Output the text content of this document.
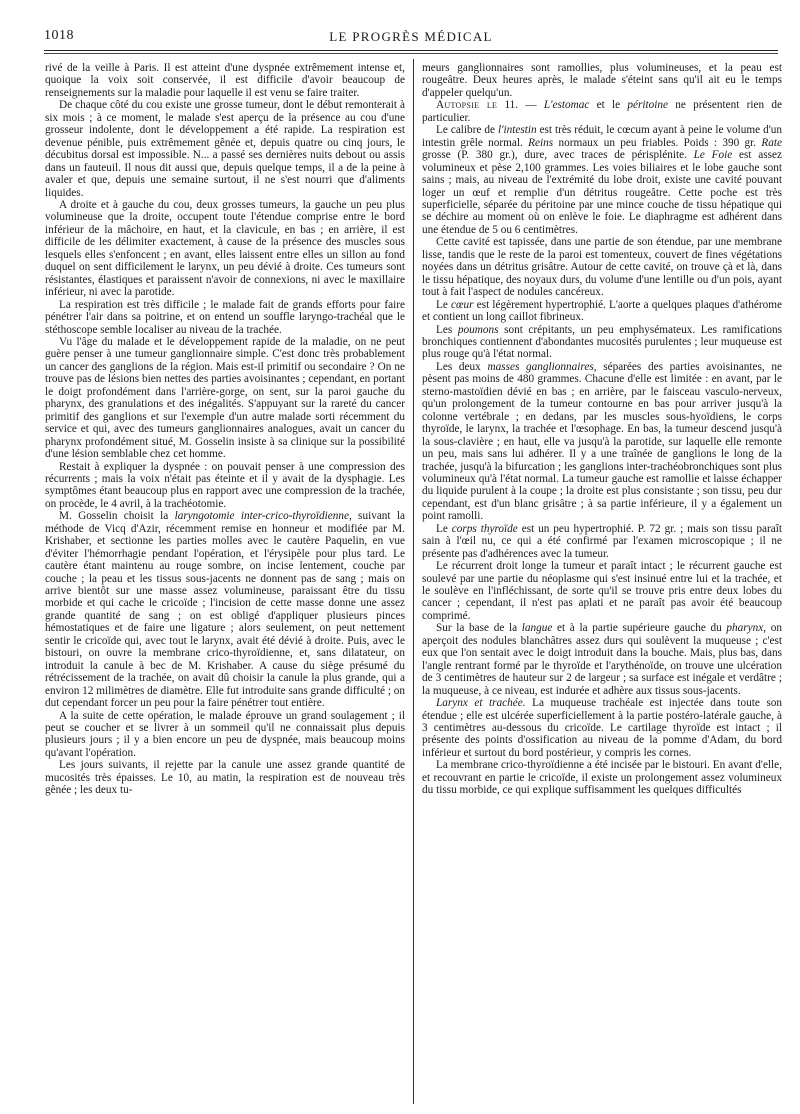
1018	LE PROGRÈS MÉDICAL

rivé de la veille à Paris. Il est atteint d'une dyspnée extrêmement intense et, quoique la voix soit conservée, il est difficile d'avoir beaucoup de renseignements sur la maladie pour laquelle il est venu se faire traiter.

De chaque côté du cou existe une grosse tumeur, dont le début remonterait à six mois ; à ce moment, le malade s'est aperçu de la présence au cou d'une grosseur indolente, dont le développement a été rapide. La respiration est devenue pénible, puis extrêmement gênée et, depuis quatre ou cinq jours, le décubitus dorsal est impossible. N... a passé ses dernières nuits debout ou assis dans un fauteuil. Il nous dit aussi que, depuis quelque temps, il a de la peine à avaler et que, depuis une semaine surtout, il ne s'est nourri que d'aliments liquides.

A droite et à gauche du cou, deux grosses tumeurs, la gauche un peu plus volumineuse que la droite, occupent toute l'étendue comprise entre le bord inférieur de la mâchoire, en haut, et la clavicule, en bas ; en arrière, il est difficile de les délimiter exactement, à cause de la présence des muscles sous lesquels elles s'enfoncent ; en avant, elles laissent entre elles un sillon au fond duquel on sent difficilement le larynx, un peu dévié à droite. Ces tumeurs sont résistantes, élastiques et paraissent n'avoir de connexions, ni avec le maxillaire inférieur, ni avec la parotide.

La respiration est très difficile ; le malade fait de grands efforts pour faire pénétrer l'air dans sa poitrine, et on entend un souffle laryngo-trachéal que le stéthoscope semble localiser au niveau de la trachée.

Vu l'âge du malade et le développement rapide de la maladie, on ne peut guère penser à une tumeur ganglionnaire simple. C'est donc très probablement un cancer des ganglions de la région. Mais est-il primitif ou secondaire ? On ne trouve pas de lésions bien nettes des parties avoisinantes ; cependant, en portant le doigt profondément dans l'arrière-gorge, on sent, sur la paroi gauche du pharynx, des granulations et des inégalités. S'appuyant sur la rareté du cancer primitif des ganglions et sur l'exemple d'un autre malade sorti récemment du service et qui, avec des tumeurs ganglionnaires analogues, avait un cancer du pharynx profondément situé, M. Gosselin insiste à sa clinique sur la possibilité d'une lésion semblable chez cet homme.

Restait à expliquer la dyspnée : on pouvait penser à une compression des récurrents ; mais la voix n'était pas éteinte et il y avait de la dysphagie. Les symptômes étant beaucoup plus en rapport avec une compression de la trachée, on procède, le 4 avril, à la trachéotomie.

M. Gosselin choisit la laryngotomie inter-crico-thyroïdienne, suivant la méthode de Vicq d'Azir, récemment remise en honneur et modifiée par M. Krishaber, et sectionne les parties molles avec le cautère Paquelin, en vue d'éviter l'hémorrhagie pendant l'opération, et l'érysipèle pour plus tard. Le cautère étant maintenu au rouge sombre, on incise lentement, couche par couche ; la peau et les tissus sous-jacents ne donnent pas de sang ; mais on arrive bientôt sur une masse assez volumineuse, paraissant être du tissu morbide et qui cache le cricoïde ; l'incision de cette masse donne une assez grande quantité de sang ; on est obligé d'appliquer plusieurs pinces hémostatiques et de faire une ligature ; alors seulement, on peut nettement sentir le cricoïde qui, avec tout le larynx, avait été dévié à droite. Puis, avec le bistouri, on ouvre la membrane crico-thyroïdienne, et, sans dilatateur, on introduit la canule à bec de M. Krishaber. A cause du siège présumé du rétrécissement de la trachée, on avait dû choisir la canule la plus grande, qui a environ 12 milimètres de diamètre. Elle fut introduite sans grande difficulté ; on dut cependant forcer un peu pour la faire pénétrer tout entière.

A la suite de cette opération, le malade éprouve un grand soulagement ; il peut se coucher et se livrer à un sommeil qu'il ne connaissait plus depuis plusieurs jours ; il y a bien encore un peu de dyspnée, mais beaucoup moins qu'avant l'opération.

Les jours suivants, il rejette par la canule une assez grande quantité de mucosités très épaisses. Le 10, au matin, la respiration est de nouveau très gênée ; les deux tu-

meurs ganglionnaires sont ramollies, plus volumineuses, et la peau est rougeâtre. Deux heures après, le malade s'éteint sans qu'il ait eu le temps d'appeler quelqu'un.

Autopsie le 11. — L'estomac et le péritoine ne présentent rien de particulier.

Le calibre de l'intestin est très réduit, le cœcum ayant à peine le volume d'un intestin grêle normal. Reins normaux un peu friables. Poids : 390 gr. Rate grosse (P. 380 gr.), dure, avec traces de périsplénite. Le Foie est assez volumineux et pèse 2,100 grammes. Les voies biliaires et le lobe gauche sont sains ; mais, au niveau de l'extrémité du lobe droit, existe une cavité pouvant loger un œuf et remplie d'un détritus rougeâtre. Cette poche est très superficielle, séparée du péritoine par une mince couche de tissu hépatique qui se déchire au moment où on enlève le foie. Le diaphragme est adhérent dans une étendue de 5 ou 6 centimètres.

Cette cavité est tapissée, dans une partie de son étendue, par une membrane lisse, tandis que le reste de la paroi est tomenteux, couvert de fines végétations noyées dans un détritus grisâtre. Autour de cette cavité, on trouve çà et là, dans le tissu hépatique, des noyaux durs, du volume d'une lentille ou d'un pois, ayant tout à fait l'aspect de nodules cancéreux.

Le cœur est légèrement hypertrophié. L'aorte a quelques plaques d'athérome et contient un long caillot fibrineux.

Les poumons sont crépitants, un peu emphysémateux. Les ramifications bronchiques contiennent d'abondantes mucosités purulentes ; leur muqueuse est plus rouge qu'à l'état normal.

Les deux masses ganglionnaires, séparées des parties avoisinantes, ne pèsent pas moins de 480 grammes. Chacune d'elle est limitée : en avant, par le sterno-mastoïdien dévié en bas ; en arrière, par le faisceau vasculo-nerveux, qu'un prolongement de la tumeur contourne en bas pour arriver jusqu'à la colonne vertébrale ; en dedans, par les muscles sous-hyoïdiens, le corps thyroïde, le larynx, la trachée et l'œsophage. En bas, la tumeur descend jusqu'à la sous-clavière ; en haut, elle va jusqu'à la parotide, sur laquelle elle remonte un peu, mais sans lui adhérer. Il y a une traînée de ganglions le long de la trachée, jusqu'à la bifurcation ; les ganglions inter-trachéobronchiques sont plus volumineux qu'à l'état normal. La tumeur gauche est ramollie et laisse échapper du liquide purulent à la coupe ; la droite est plus consistante ; son tissu, peu dur cependant, est d'un blanc grisâtre ; à sa partie inférieure, il y a également un point ramolli.

Le corps thyroïde est un peu hypertrophié. P. 72 gr. ; mais son tissu paraît sain à l'œil nu, ce qui a été confirmé par l'examen microscopique ; il ne présente pas d'adhérences avec la tumeur.

Le récurrent droit longe la tumeur et paraît intact ; le récurrent gauche est soulevé par une partie du néoplasme qui s'est insinué entre lui et la trachée, et le soulève en l'infléchissant, de sorte qu'il se trouve pris entre deux lobes du cancer ; cependant, il n'est pas aplati et ne paraît pas avoir été beaucoup comprimé.

Sur la base de la langue et à la partie supérieure gauche du pharynx, on aperçoit des nodules blanchâtres assez durs qui soulèvent la muqueuse ; c'est eux que l'on sentait avec le doigt introduit dans la bouche. Mais, plus bas, dans l'angle rentrant formé par le thyroïde et l'arythénoïde, on trouve une ulcération de 3 centimètres de hauteur sur 2 de largeur ; sa surface est inégale et verdâtre ; la muqueuse, à ce niveau, est indurée et adhère aux tissus sous-jacents.

Larynx et trachée. La muqueuse trachéale est injectée dans toute son étendue ; elle est ulcérée superficiellement à la partie postéro-latérale gauche, à 3 centimètres au-dessous du cricoïde. Le cartilage thyroïde est intact ; il présente des points d'ossification au niveau de la pomme d'Adam, du bord inférieur et surtout du bord postérieur, y compris les cornes.

La membrane crico-thyroïdienne a été incisée par le bistouri. En avant d'elle, et recouvrant en partie le cricoïde, il existe un prolongement assez volumineux du tissu morbide, ce qui explique suffisamment les quelques difficultés
